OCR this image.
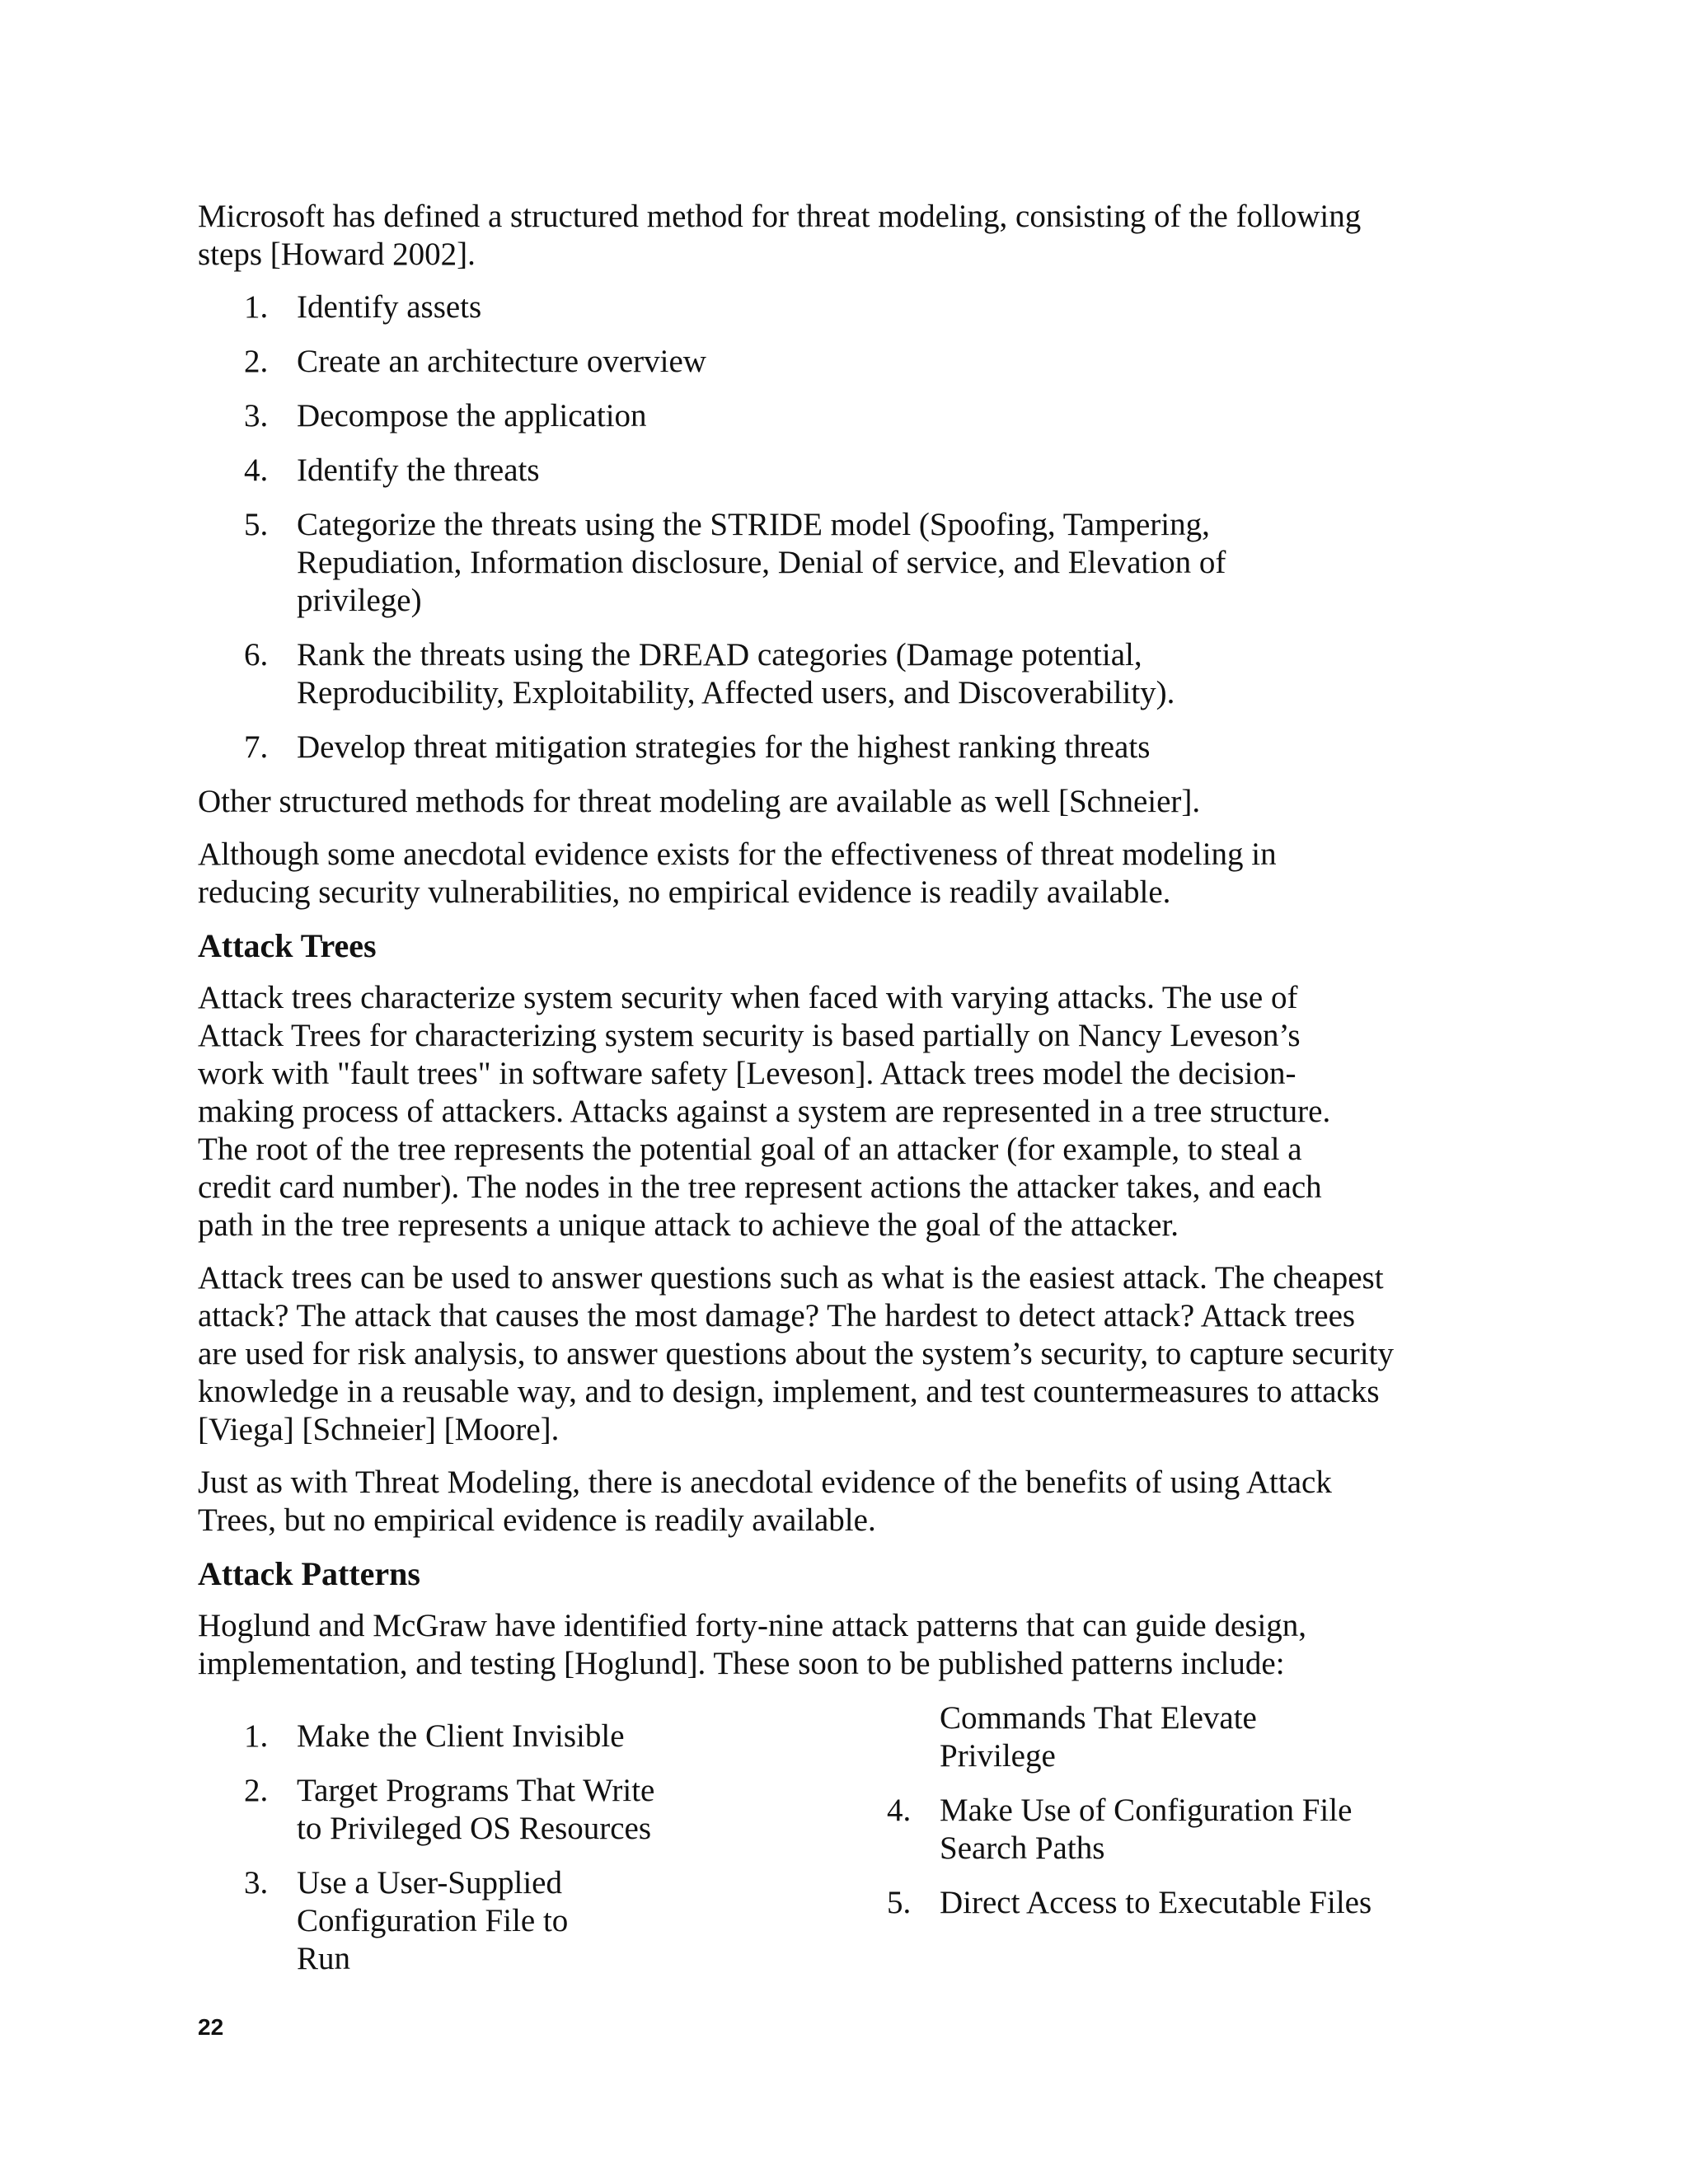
Microsoft has defined a structured method for threat modeling, consisting of the following steps [Howard 2002].

1. Identify assets
2. Create an architecture overview
3. Decompose the application
4. Identify the threats
5. Categorize the threats using the STRIDE model (Spoofing, Tampering, Repudiation, Information disclosure, Denial of service, and Elevation of privilege)
6. Rank the threats using the DREAD categories (Damage potential, Reproducibility, Exploitability, Affected users, and Discoverability).
7. Develop threat mitigation strategies for the highest ranking threats

Other structured methods for threat modeling are available as well [Schneier].

Although some anecdotal evidence exists for the effectiveness of threat modeling in reducing security vulnerabilities, no empirical evidence is readily available.

Attack Trees

Attack trees characterize system security when faced with varying attacks. The use of Attack Trees for characterizing system security is based partially on Nancy Leveson’s work with "fault trees" in software safety [Leveson]. Attack trees model the decision-making process of attackers. Attacks against a system are represented in a tree structure. The root of the tree represents the potential goal of an attacker (for example, to steal a credit card number). The nodes in the tree represent actions the attacker takes, and each path in the tree represents a unique attack to achieve the goal of the attacker.

Attack trees can be used to answer questions such as what is the easiest attack. The cheapest attack? The attack that causes the most damage? The hardest to detect attack? Attack trees are used for risk analysis, to answer questions about the system’s security, to capture security knowledge in a reusable way, and to design, implement, and test countermeasures to attacks [Viega] [Schneier] [Moore].

Just as with Threat Modeling, there is anecdotal evidence of the benefits of using Attack Trees, but no empirical evidence is readily available.

Attack Patterns

Hoglund and McGraw have identified forty-nine attack patterns that can guide design, implementation, and testing [Hoglund]. These soon to be published patterns include:

1. Make the Client Invisible
2. Target Programs That Write to Privileged OS Resources
3. Use a User-Supplied Configuration File to Run
Commands That Elevate Privilege
4. Make Use of Configuration File Search Paths
5. Direct Access to Executable Files
22
